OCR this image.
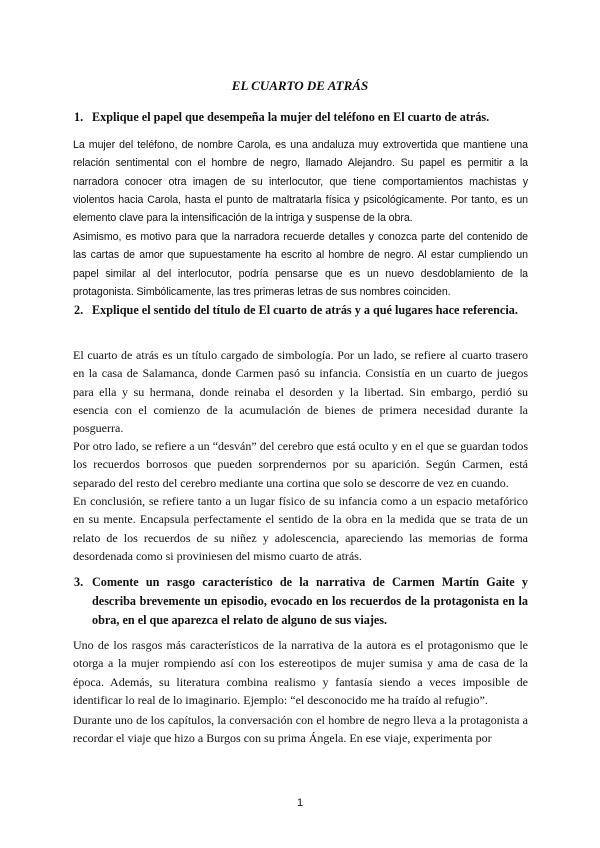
EL CUARTO DE ATRÁS
1. Explique el papel que desempeña la mujer del teléfono en El cuarto de atrás.
La mujer del teléfono, de nombre Carola, es una andaluza muy extrovertida que mantiene una relación sentimental con el hombre de negro, llamado Alejandro. Su papel es permitir a la narradora conocer otra imagen de su interlocutor, que tiene comportamientos machistas y violentos hacia Carola, hasta el punto de maltratarla física y psicológicamente. Por tanto, es un elemento clave para la intensificación de la intriga y suspense de la obra.
Asimismo, es motivo para que la narradora recuerde detalles y conozca parte del contenido de las cartas de amor que supuestamente ha escrito al hombre de negro. Al estar cumpliendo un papel similar al del interlocutor, podría pensarse que es un nuevo desdoblamiento de la protagonista. Simbólicamente, las tres primeras letras de sus nombres coinciden.
2. Explique el sentido del título de El cuarto de atrás y a qué lugares hace referencia.
El cuarto de atrás es un título cargado de simbología. Por un lado, se refiere al cuarto trasero en la casa de Salamanca, donde Carmen pasó su infancia. Consistía en un cuarto de juegos para ella y su hermana, donde reinaba el desorden y la libertad. Sin embargo, perdió su esencia con el comienzo de la acumulación de bienes de primera necesidad durante la posguerra.
Por otro lado, se refiere a un “desván” del cerebro que está oculto y en el que se guardan todos los recuerdos borrosos que pueden sorprendernos por su aparición. Según Carmen, está separado del resto del cerebro mediante una cortina que solo se descorre de vez en cuando.
En conclusión, se refiere tanto a un lugar físico de su infancia como a un espacio metafórico en su mente. Encapsula perfectamente el sentido de la obra en la medida que se trata de un relato de los recuerdos de su niñez y adolescencia, apareciendo las memorias de forma desordenada como si proviniesen del mismo cuarto de atrás.
3. Comente un rasgo característico de la narrativa de Carmen Martín Gaite y describa brevemente un episodio, evocado en los recuerdos de la protagonista en la obra, en el que aparezca el relato de alguno de sus viajes.
Uno de los rasgos más característicos de la narrativa de la autora es el protagonismo que le otorga a la mujer rompiendo así con los estereotipos de mujer sumisa y ama de casa de la época. Además, su literatura combina realismo y fantasía siendo a veces imposible de identificar lo real de lo imaginario. Ejemplo: “el desconocido me ha traído al refugio”.
Durante uno de los capítulos, la conversación con el hombre de negro lleva a la protagonista a recordar el viaje que hizo a Burgos con su prima Ángela. En ese viaje, experimenta por
1
